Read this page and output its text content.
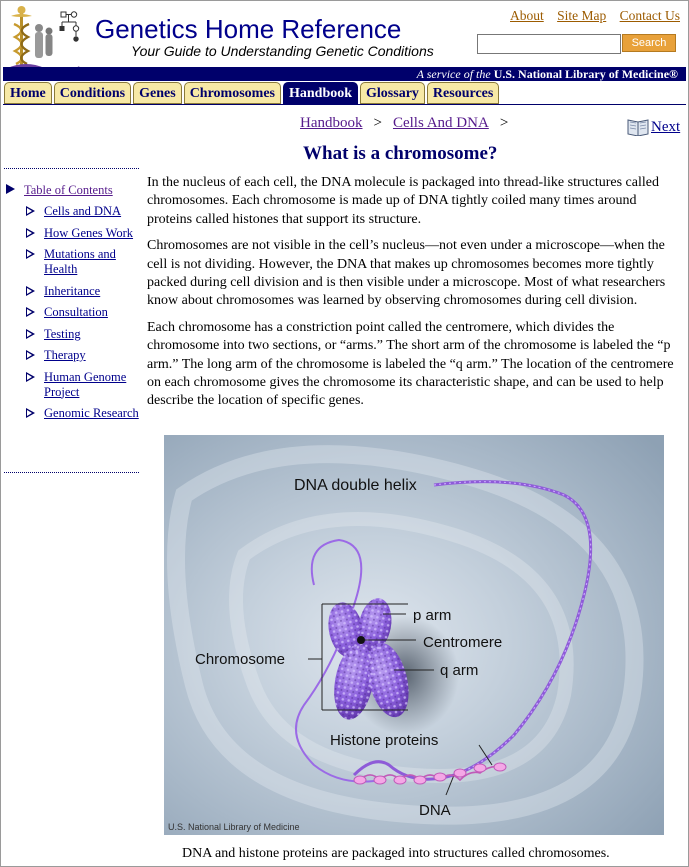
Genetics Home Reference
Your Guide to Understanding Genetic Conditions
About Site Map Contact Us
Search
A service of the U.S. National Library of Medicine®
Home	Conditions	Genes	Chromosomes	Handbook	Glossary	Resources
Handbook > Cells And DNA >	Next
What is a chromosome?
Table of Contents
Cells and DNA
How Genes Work
Mutations and Health
Inheritance
Consultation
Testing
Therapy
Human Genome Project
Genomic Research

In the nucleus of each cell, the DNA molecule is packaged into thread-like structures called chromosomes. Each chromosome is made up of DNA tightly coiled many times around proteins called histones that support its structure.

Chromosomes are not visible in the cell’s nucleus—not even under a microscope—when the cell is not dividing. However, the DNA that makes up chromosomes becomes more tightly packed during cell division and is then visible under a microscope. Most of what researchers know about chromosomes was learned by observing chromosomes during cell division.

Each chromosome has a constriction point called the centromere, which divides the chromosome into two sections, or “arms.” The short arm of the chromosome is labeled the “p arm.” The long arm of the chromosome is labeled the “q arm.” The location of the centromere on each chromosome gives the chromosome its characteristic shape, and can be used to help describe the location of specific genes.

DNA double helix
p arm
Centromere
q arm
Chromosome
Histone proteins
DNA
U.S. National Library of Medicine
DNA and histone proteins are packaged into structures called chromosomes.
